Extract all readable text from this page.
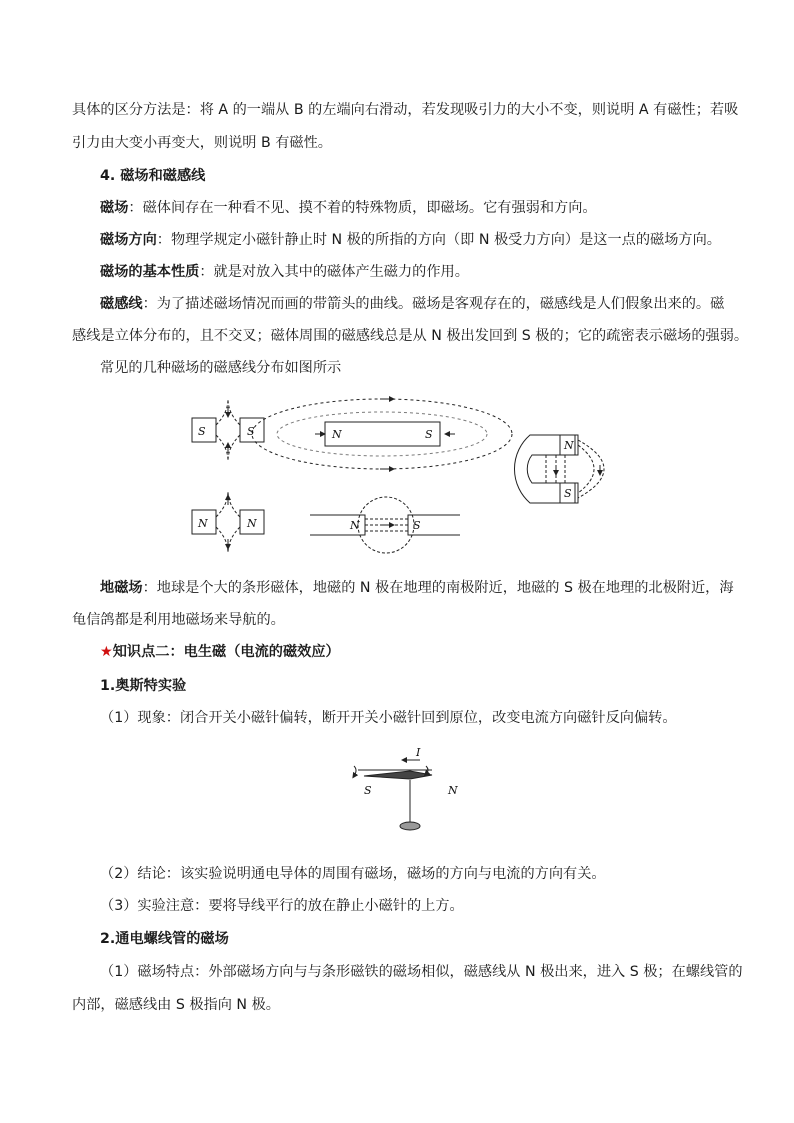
具体的区分方法是：将 A 的一端从 B 的左端向右滑动，若发现吸引力的大小不变，则说明 A 有磁性；若吸
引力由大变小再变大，则说明 B 有磁性。
4. 磁场和磁感线
磁场：磁体间存在一种看不见、摸不着的特殊物质，即磁场。它有强弱和方向。
磁场方向：物理学规定小磁针静止时 N 极的所指的方向（即 N 极受力方向）是这一点的磁场方向。
磁场的基本性质：就是对放入其中的磁体产生磁力的作用。
磁感线：为了描述磁场情况而画的带箭头的曲线。磁场是客观存在的，磁感线是人们假象出来的。磁
感线是立体分布的，且不交叉；磁体周围的磁感线总是从 N 极出发回到 S 极的；它的疏密表示磁场的强弱。
常见的几种磁场的磁感线分布如图所示
S	S
N	N
N	S
N	S
N
S
地磁场：地球是个大的条形磁体，地磁的 N 极在地理的南极附近，地磁的 S 极在地理的北极附近，海
龟信鸽都是利用地磁场来导航的。
★知识点二：电生磁（电流的磁效应）
1.奥斯特实验
（1）现象：闭合开关小磁针偏转，断开开关小磁针回到原位，改变电流方向磁针反向偏转。
I
S	N
（2）结论：该实验说明通电导体的周围有磁场，磁场的方向与电流的方向有关。
（3）实验注意：要将导线平行的放在静止小磁针的上方。
2.通电螺线管的磁场
（1）磁场特点：外部磁场方向与与条形磁铁的磁场相似，磁感线从 N 极出来，进入 S 极；在螺线管的
内部，磁感线由 S 极指向 N 极。
